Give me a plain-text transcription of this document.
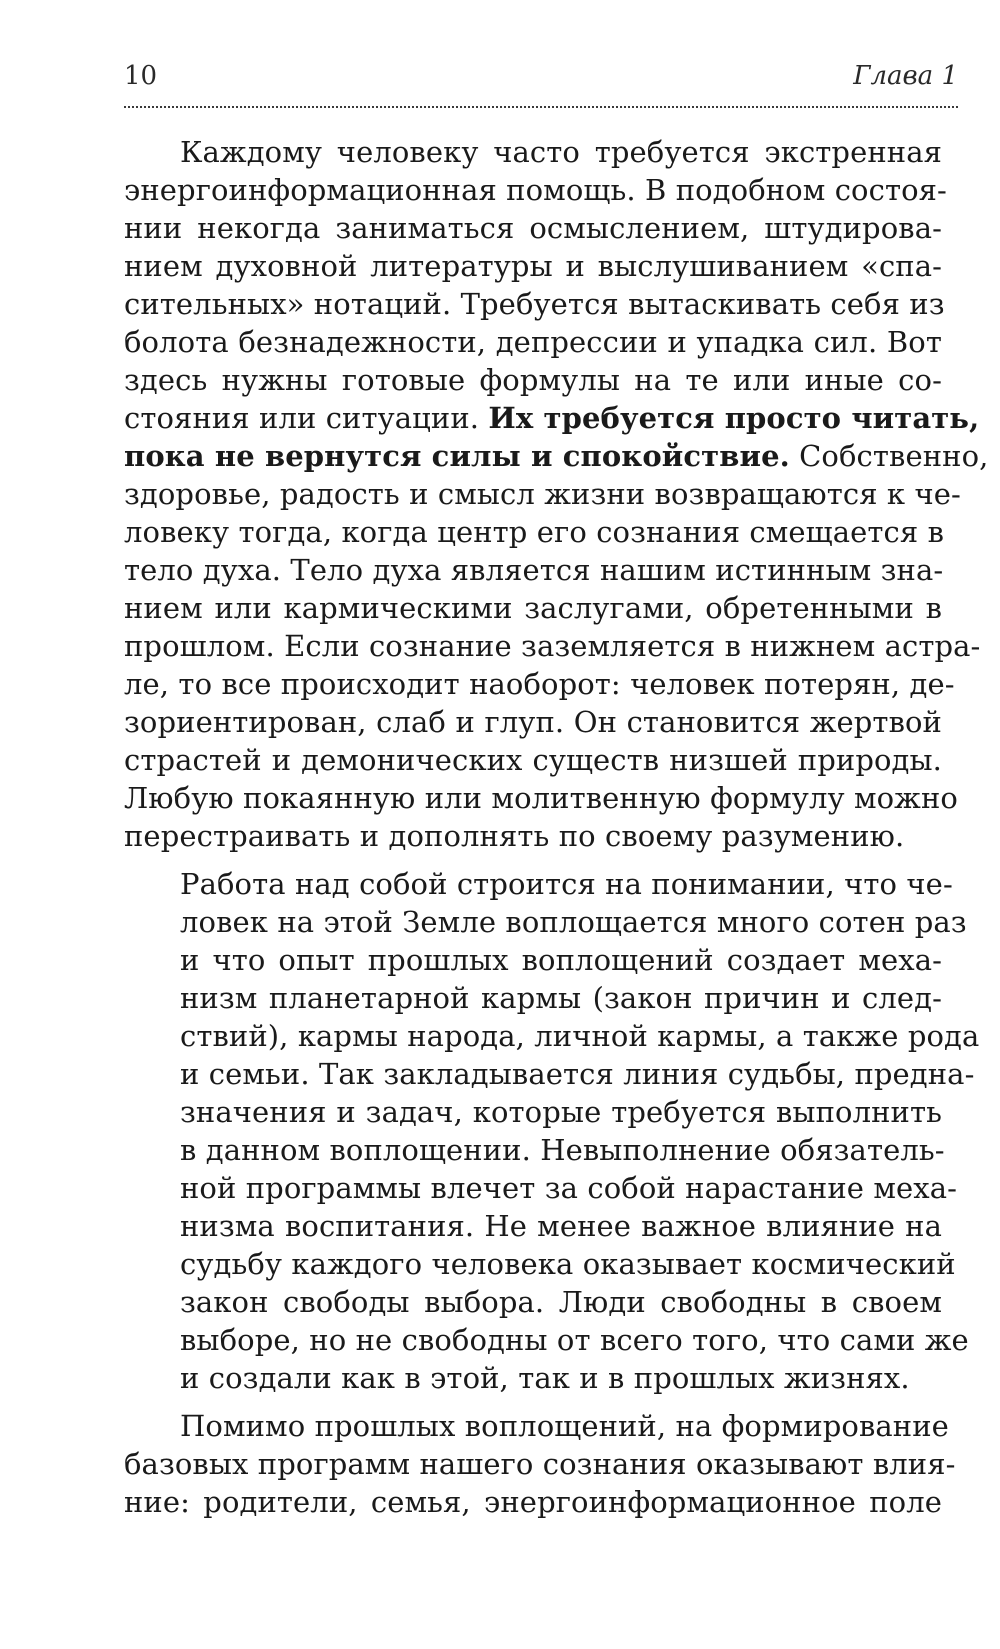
10	Глава 1
Каждому человеку часто требуется экстренная
энергоинформационная помощь. В подобном состоя-
нии некогда заниматься осмыслением, штудирова-
нием духовной литературы и выслушиванием «спа-
сительных» нотаций. Требуется вытаскивать себя из
болота безнадежности, депрессии и упадка сил. Вот
здесь нужны готовые формулы на те или иные со-
стояния или ситуации. Их требуется просто читать,
пока не вернутся силы и спокойствие. Собственно,
здоровье, радость и смысл жизни возвращаются к че-
ловеку тогда, когда центр его сознания смещается в
тело духа. Тело духа является нашим истинным зна-
нием или кармическими заслугами, обретенными в
прошлом. Если сознание заземляется в нижнем астра-
ле, то все происходит наоборот: человек потерян, де-
зориентирован, слаб и глуп. Он становится жертвой
страстей и демонических существ низшей природы.
Любую покаянную или молитвенную формулу можно
перестраивать и дополнять по своему разумению.
Работа над собой строится на понимании, что че-
ловек на этой Земле воплощается много сотен раз
и что опыт прошлых воплощений создает меха-
низм планетарной кармы (закон причин и след-
ствий), кармы народа, личной кармы, а также рода
и семьи. Так закладывается линия судьбы, предна-
значения и задач, которые требуется выполнить
в данном воплощении. Невыполнение обязатель-
ной программы влечет за собой нарастание меха-
низма воспитания. Не менее важное влияние на
судьбу каждого человека оказывает космический
закон свободы выбора. Люди свободны в своем
выборе, но не свободны от всего того, что сами же
и создали как в этой, так и в прошлых жизнях.
Помимо прошлых воплощений, на формирование
базовых программ нашего сознания оказывают влия-
ние: родители, семья, энергоинформационное поле
